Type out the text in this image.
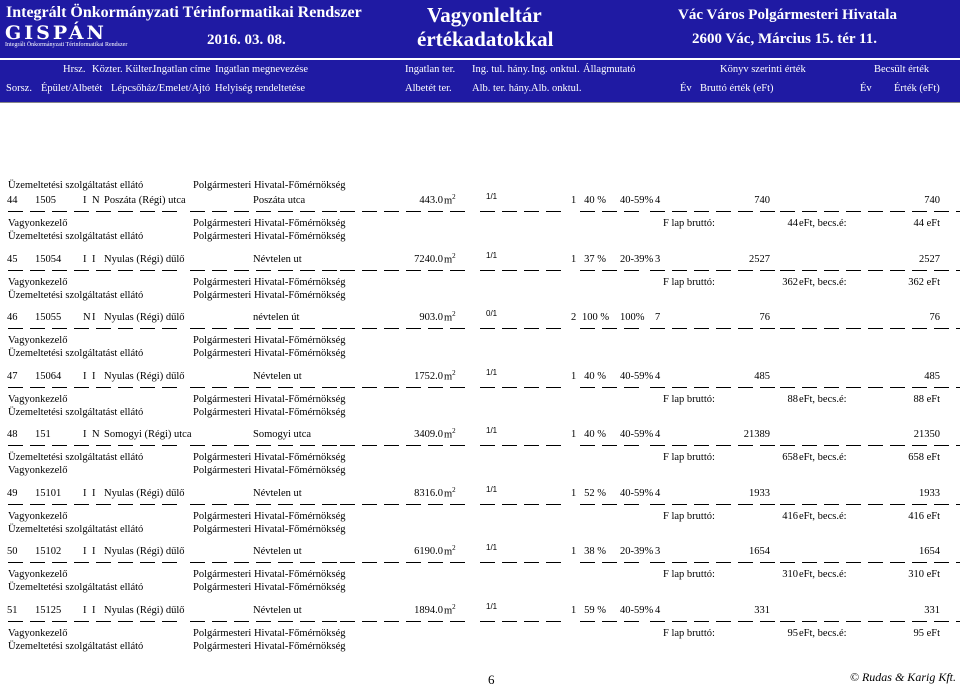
Integrált Önkormányzati Térinformatikai Rendszer
GISPÁN
Integrált Önkormányzati Térinformatikai Rendszer	2016. 03. 08.
Vagyonleltár
értékadatokkal
Vác Város Polgármesteri Hivatala
2600 Vác, Március 15. tér 11.
Hrsz. Közter. Külter.
Ingatlan címe Ingatlan megnevezése	Ingatlan ter. Ing. tul. hány. Ing. onktul. Állagmutató	Könyv szerinti érték	Becsült érték
Sorsz. Épület/Albetét Lépcsőház/Emelet/Ajtó Helyiség rendeltetése	Albetét ter. Alb. ter. hány. Alb. onktul.	Év Bruttó érték (eFt)	Év Érték (eFt)
Üzemeltetési szolgáltatást ellátó	Polgármesteri Hivatal-Főmérnökség
44 1505	I N Poszáta (Régi) utca	Poszáta utca	443.0 $m^2$	1/1	1 40 % 40-59% 4	740	740
Vagyonkezelő	Polgármesteri Hivatal-Főmérnökség	F lap bruttó:	44 eFt, becs.é:	44 eFt
Üzemeltetési szolgáltatást ellátó	Polgármesteri Hivatal-Főmérnökség
45 15054 I I Nyulas (Régi) dűlő	Névtelen ut	7240.0 $m^2$	1/1	1 37 % 20-39% 3	2527	2527
Vagyonkezelő	Polgármesteri Hivatal-Főmérnökség	F lap bruttó:	362 eFt, becs.é:	362 eFt
Üzemeltetési szolgáltatást ellátó	Polgármesteri Hivatal-Főmérnökség
46 15055 N I Nyulas (Régi) dűlő	névtelen út	903.0 $m^2$	0/1	2 100 % 100% 7	76	76
Vagyonkezelő	Polgármesteri Hivatal-Főmérnökség
Üzemeltetési szolgáltatást ellátó	Polgármesteri Hivatal-Főmérnökség
47 15064 I I Nyulas (Régi) dűlő	Névtelen ut	1752.0 $m^2$	1/1	1 40 % 40-59% 4	485	485
Vagyonkezelő	Polgármesteri Hivatal-Főmérnökség	F lap bruttó:	88 eFt, becs.é:	88 eFt
Üzemeltetési szolgáltatást ellátó	Polgármesteri Hivatal-Főmérnökség
48 151	I N Somogyi (Régi) utca	Somogyi utca	3409.0 $m^2$	1/1	1 40 % 40-59% 4	21389	21350
Üzemeltetési szolgáltatást ellátó	Polgármesteri Hivatal-Főmérnökség	F lap bruttó:	658 eFt, becs.é:	658 eFt
Vagyonkezelő	Polgármesteri Hivatal-Főmérnökség
49 15101 I I Nyulas (Régi) dűlő	Névtelen ut	8316.0 $m^2$	1/1	1 52 % 40-59% 4	1933	1933
Vagyonkezelő	Polgármesteri Hivatal-Főmérnökség	F lap bruttó:	416 eFt, becs.é:	416 eFt
Üzemeltetési szolgáltatást ellátó	Polgármesteri Hivatal-Főmérnökség
50 15102 I I Nyulas (Régi) dűlő	Névtelen ut	6190.0 $m^2$	1/1	1 38 % 20-39% 3	1654	1654
Vagyonkezelő	Polgármesteri Hivatal-Főmérnökség	F lap bruttó:	310 eFt, becs.é:	310 eFt
Üzemeltetési szolgáltatást ellátó	Polgármesteri Hivatal-Főmérnökség
51 15125 I I Nyulas (Régi) dűlő	Névtelen ut	1894.0 $m^2$	1/1	1 59 % 40-59% 4	331	331
Vagyonkezelő	Polgármesteri Hivatal-Főmérnökség	F lap bruttó:	95 eFt, becs.é:	95 eFt
Üzemeltetési szolgáltatást ellátó	Polgármesteri Hivatal-Főmérnökség
6	© Rudas & Karig Kft.
